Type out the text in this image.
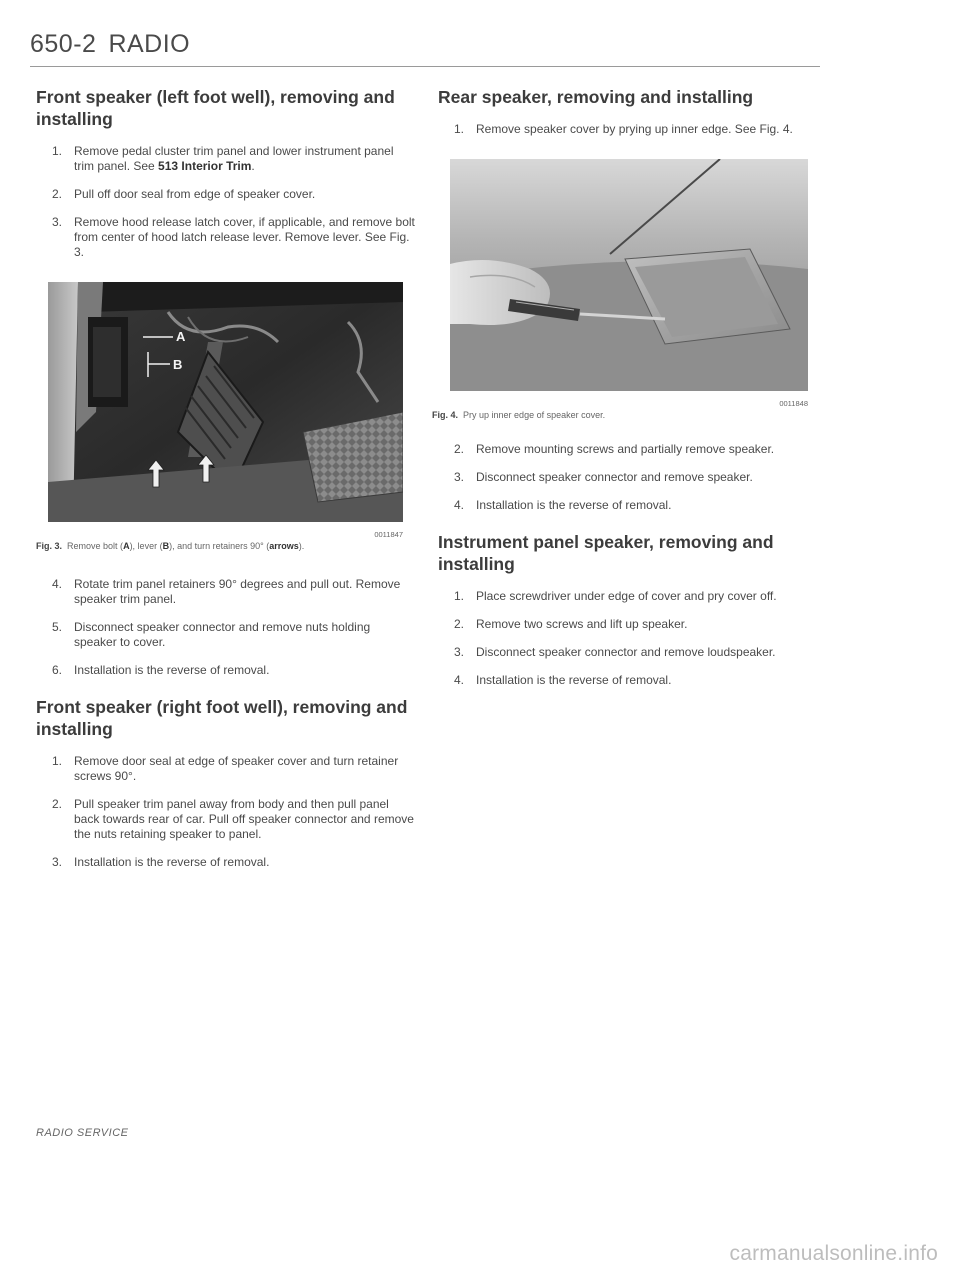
650-2 RADIO
Front speaker (left foot well), removing and installing
1. Remove pedal cluster trim panel and lower instrument panel trim panel. See 513 Interior Trim.
2. Pull off door seal from edge of speaker cover.
3. Remove hood release latch cover, if applicable, and remove bolt from center of hood latch release lever. Remove lever. See Fig. 3.
A
B
0011847
Fig. 3. Remove bolt (A), lever (B), and turn retainers 90° (arrows).
4. Rotate trim panel retainers 90° degrees and pull out. Remove speaker trim panel.
5. Disconnect speaker connector and remove nuts holding speaker to cover.
6. Installation is the reverse of removal.
Front speaker (right foot well), removing and installing
1. Remove door seal at edge of speaker cover and turn retainer screws 90°.
2. Pull speaker trim panel away from body and then pull panel back towards rear of car. Pull off speaker connector and remove the nuts retaining speaker to panel.
3. Installation is the reverse of removal.
Rear speaker, removing and installing
1. Remove speaker cover by prying up inner edge. See Fig. 4.
0011848
Fig. 4. Pry up inner edge of speaker cover.
2. Remove mounting screws and partially remove speaker.
3. Disconnect speaker connector and remove speaker.
4. Installation is the reverse of removal.
Instrument panel speaker, removing and installing
1. Place screwdriver under edge of cover and pry cover off.
2. Remove two screws and lift up speaker.
3. Disconnect speaker connector and remove loudspeaker.
4. Installation is the reverse of removal.
RADIO SERVICE
carmanualsonline.info
